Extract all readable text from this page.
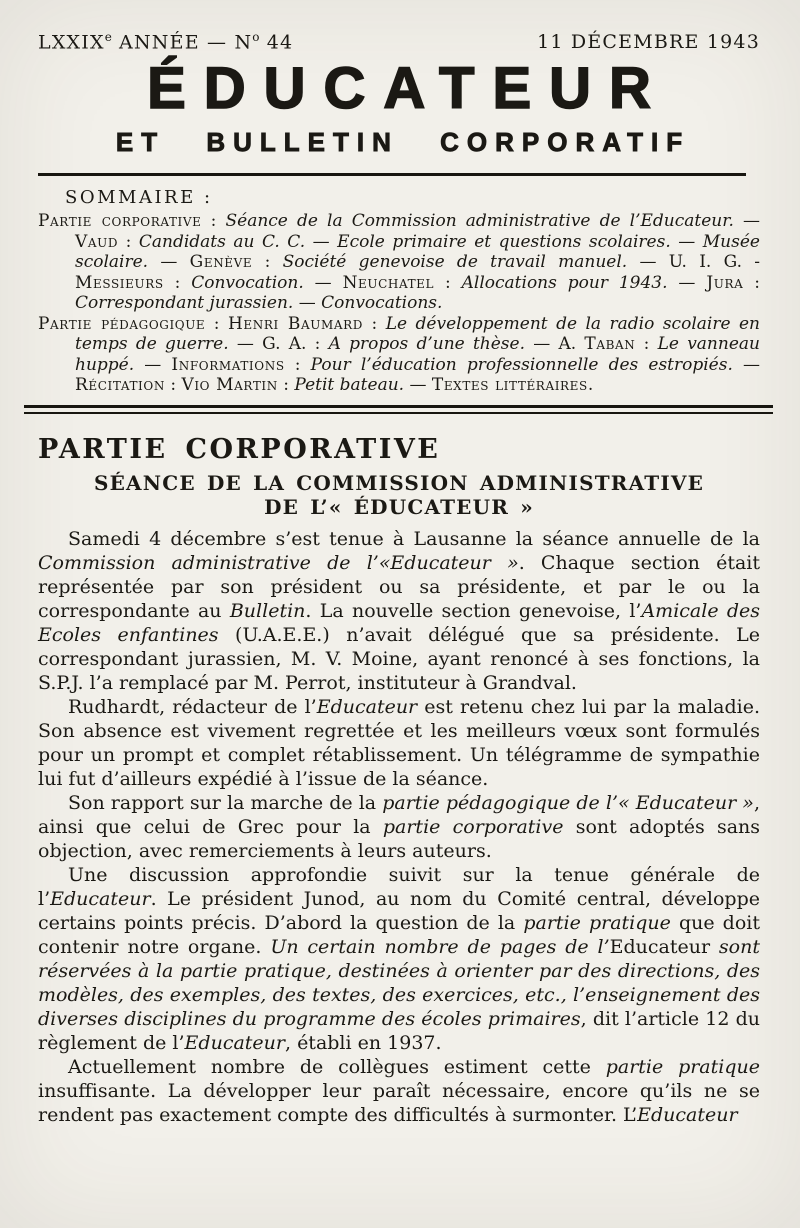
LXXIXe ANNÉE — $N^o$ 44	11 DÉCEMBRE 1943
ÉDUCATEUR
ET BULLETIN CORPORATIF

SOMMAIRE :

Partie corporative : Séance de la Commission administrative de l’Educateur. — Vaud : Candidats au C. C. — Ecole primaire et questions scolaires. — Musée scolaire. — Genève : Société genevoise de travail manuel. — U. I. G. - Messieurs : Convocation. — Neuchatel : Allocations pour 1943. — Jura : Correspondant jurassien. — Convocations.

Partie pédagogique : Henri Baumard : Le développement de la radio scolaire en temps de guerre. — G. A. : A propos d’une thèse. — A. Taban : Le vanneau huppé. — Informations : Pour l’éducation professionnelle des estropiés. — Récitation : Vio Martin : Petit bateau. — Textes littéraires.

PARTIE CORPORATIVE
SÉANCE DE LA COMMISSION ADMINISTRATIVE
DE L’« ÉDUCATEUR »

Samedi 4 décembre s’est tenue à Lausanne la séance annuelle de la Commission administrative de l’«Educateur ». Chaque section était représentée par son président ou sa présidente, et par le ou la correspondante au Bulletin. La nouvelle section genevoise, l’Amicale des Ecoles enfantines (U.A.E.E.) n’avait délégué que sa présidente. Le correspondant jurassien, M. V. Moine, ayant renoncé à ses fonctions, la S.P.J. l’a remplacé par M. Perrot, instituteur à Grandval.

Rudhardt, rédacteur de l’Educateur est retenu chez lui par la maladie. Son absence est vivement regrettée et les meilleurs vœux sont formulés pour un prompt et complet rétablissement. Un télégramme de sympathie lui fut d’ailleurs expédié à l’issue de la séance.

Son rapport sur la marche de la partie pédagogique de l’« Educateur », ainsi que celui de Grec pour la partie corporative sont adoptés sans objection, avec remerciements à leurs auteurs.

Une discussion approfondie suivit sur la tenue générale de l’Educateur. Le président Junod, au nom du Comité central, développe certains points précis. D’abord la question de la partie pratique que doit contenir notre organe. Un certain nombre de pages de l’Educateur sont réservées à la partie pratique, destinées à orienter par des directions, des modèles, des exemples, des textes, des exercices, etc., l’enseignement des diverses disciplines du programme des écoles primaires, dit l’article 12 du règlement de l’Educateur, établi en 1937.

Actuellement nombre de collègues estiment cette partie pratique insuffisante. La développer leur paraît nécessaire, encore qu’ils ne se rendent pas exactement compte des difficultés à surmonter. L’Educateur
